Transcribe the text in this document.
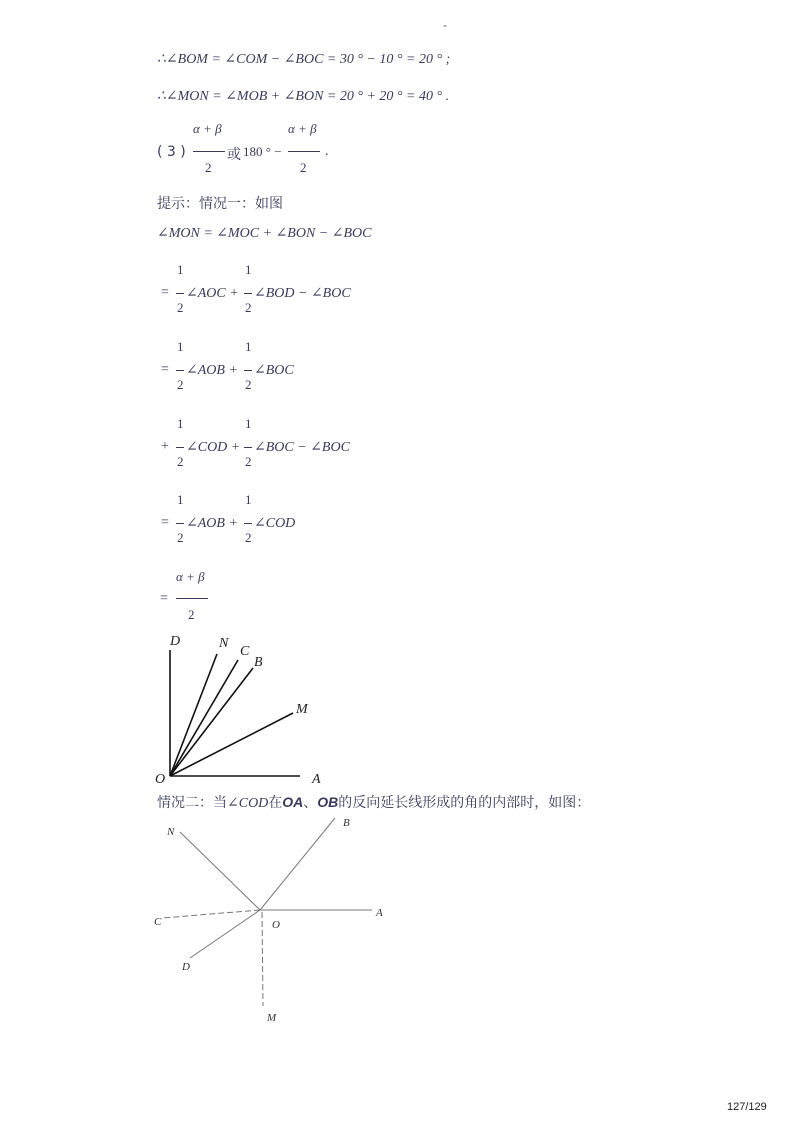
-
∴∠BOM = ∠COM − ∠BOC = 30 ° − 10 ° = 20 ° ;
∴∠MON = ∠MOB + ∠BON = 20 ° + 20 ° = 40 ° .
( 3 )
α + β
2
或 180 ° −
α + β
2
.
提示：情况一：如图
∠MON = ∠MOC + ∠BON − ∠BOC
=
1
2
∠AOC +
1
2
∠BOD − ∠BOC
=
1
2
∠AOB +
1
2
∠BOC
+
1
2
∠COD +
1
2
∠BOC − ∠BOC
=
1
2
∠AOB +
1
2
∠COD
=
α + β
2
D	N
C
B
M
O	A
情况二：当∠COD在OA、OB的反向延长线形成的角的内部时，如图：
N
B
C
A
O
D
M
127/129
